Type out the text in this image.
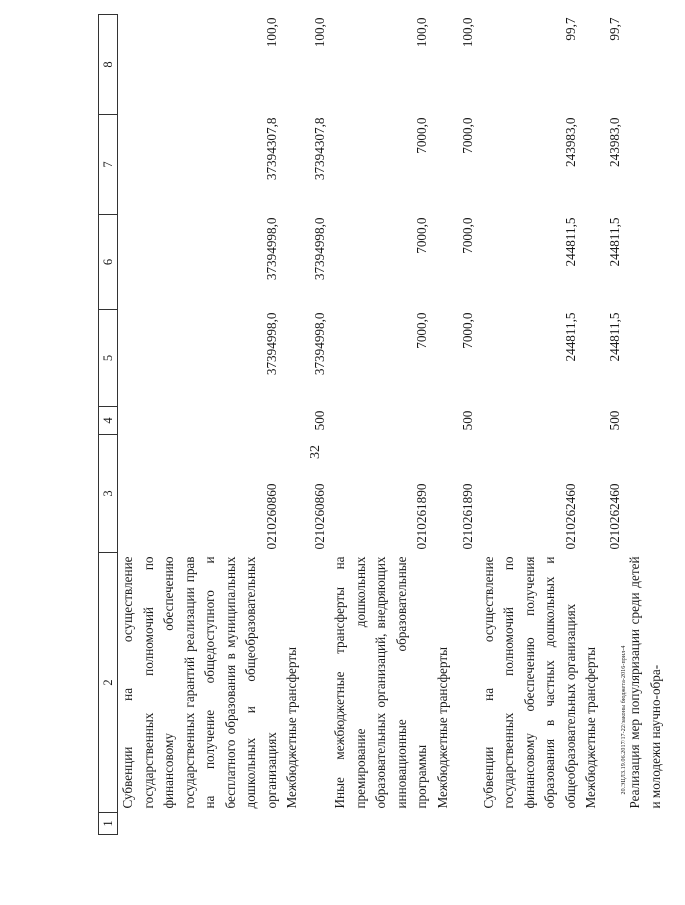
32
20.ЭЦЛЗ.19.06.2017/17-22/законы бюджета-2016-прил-4
1	2	3	4	5	6	7	8
	Субвенции на осуществление государственных полномочий по финансовому обеспечению государственных гарантий реализации прав на получение общедоступного и бесплатного образования в муниципальных дошкольных и общеобразовательных организациях	0210260860		37394998,0	37394998,0	37394307,8	100,0
	Межбюджетные трансферты	0210260860	500	37394998,0	37394998,0	37394307,8	100,0
	Иные межбюджетные трансферты на премирование дошкольных образовательных организаций, внедряющих инновационные образовательные программы	0210261890		7000,0	7000,0	7000,0	100,0
	Межбюджетные трансферты	0210261890	500	7000,0	7000,0	7000,0	100,0
	Субвенции на осуществление государственных полномочий по финансовому обеспечению получения образования в частных дошкольных и общеобразовательных организациях	0210262460		244811,5	244811,5	243983,0	99,7
	Межбюджетные трансферты	0210262460	500	244811,5	244811,5	243983,0	99,7
	Реализация мер популяризации среди детей и молодежи научно-обра-						
